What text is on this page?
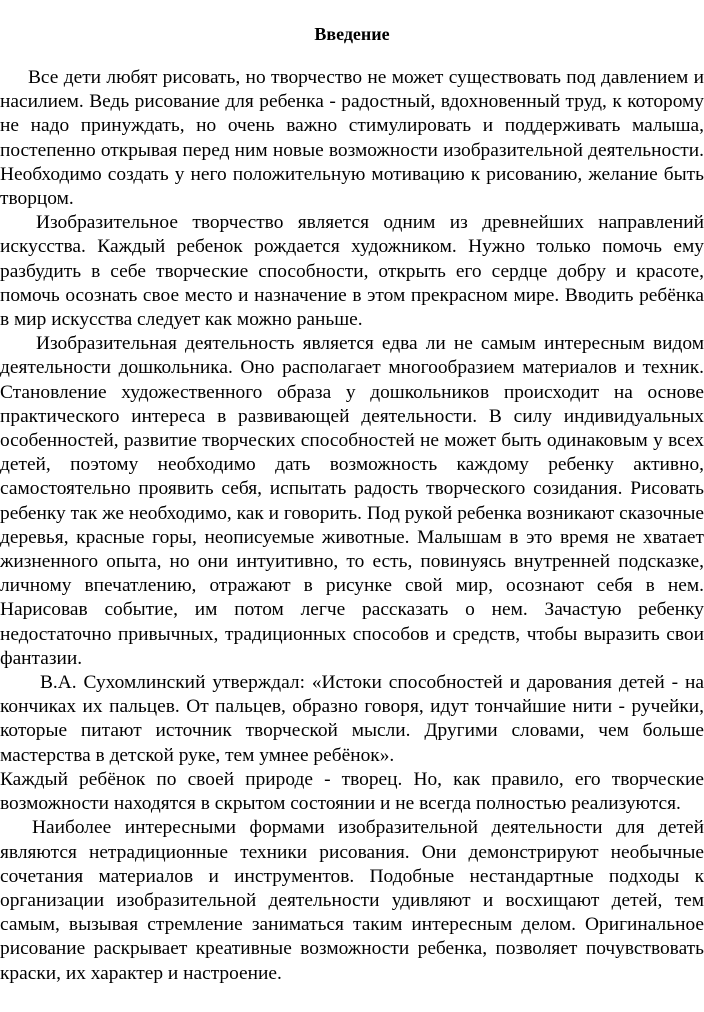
Введение

Все дети любят рисовать, но творчество не может существовать под давлением и насилием. Ведь рисование для ребенка - радостный, вдохновенный труд, к которому не надо принуждать, но очень важно стимулировать и поддерживать малыша, постепенно открывая перед ним новые возможности изобразительной деятельности. Необходимо создать у него положительную мотивацию к рисованию, желание быть творцом.

Изобразительное творчество является одним из древнейших направлений искусства. Каждый ребенок рождается художником. Нужно только помочь ему разбудить в себе творческие способности, открыть его сердце добру и красоте, помочь осознать свое место и назначение в этом прекрасном мире. Вводить ребёнка в мир искусства следует как можно раньше.

Изобразительная деятельность является едва ли не самым интересным видом деятельности дошкольника. Оно располагает многообразием материалов и техник. Становление художественного образа у дошкольников происходит на основе практического интереса в развивающей деятельности. В силу индивидуальных особенностей, развитие творческих способностей не может быть одинаковым у всех детей, поэтому необходимо дать возможность каждому ребенку активно, самостоятельно проявить себя, испытать радость творческого созидания. Рисовать ребенку так же необходимо, как и говорить. Под рукой ребенка возникают сказочные деревья, красные горы, неописуемые животные. Малышам в это время не хватает жизненного опыта, но они интуитивно, то есть, повинуясь внутренней подсказке, личному впечатлению, отражают в рисунке свой мир, осознают себя в нем. Нарисовав событие, им потом легче рассказать о нем. Зачастую ребенку недостаточно привычных, традиционных способов и средств, чтобы выразить свои фантазии.

В.А. Сухомлинский утверждал: «Истоки способностей и дарования детей - на кончиках их пальцев. От пальцев, образно говоря, идут тончайшие нити - ручейки, которые питают источник творческой мысли. Другими словами, чем больше мастерства в детской руке, тем умнее ребёнок».

Каждый ребёнок по своей природе - творец. Но, как правило, его творческие возможности находятся в скрытом состоянии и не всегда полностью реализуются.

Наиболее интересными формами изобразительной деятельности для детей являются нетрадиционные техники рисования. Они демонстрируют необычные сочетания материалов и инструментов. Подобные нестандартные подходы к организации изобразительной деятельности удивляют и восхищают детей, тем самым, вызывая стремление заниматься таким интересным делом. Оригинальное рисование раскрывает креативные возможности ребенка, позволяет почувствовать краски, их характер и настроение.
